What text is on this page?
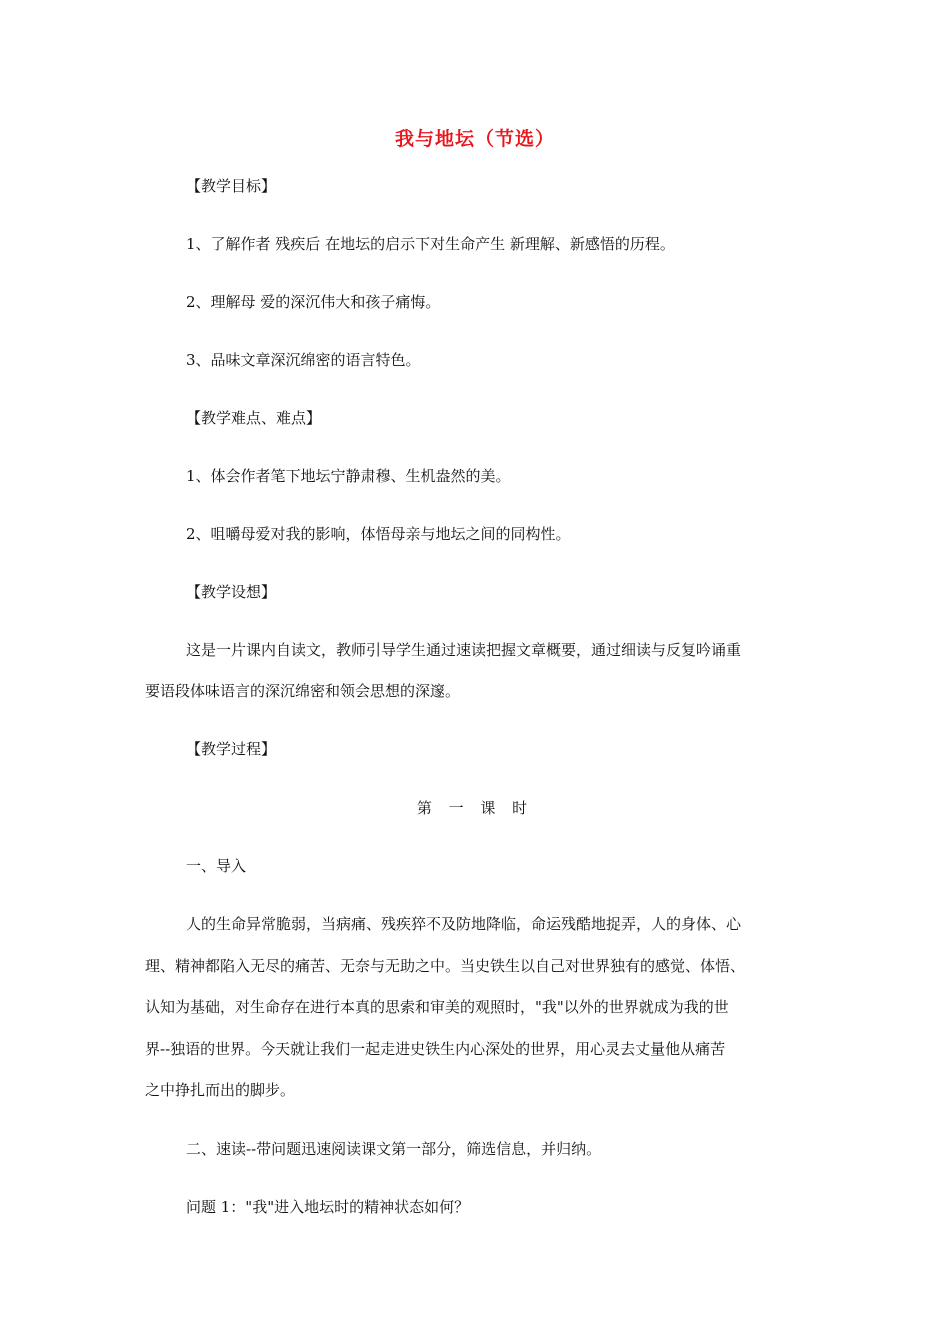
我与地坛（节选）
【教学目标】
1、了解作者 残疾后 在地坛的启示下对生命产生 新理解、新感悟的历程。
2、理解母 爱的深沉伟大和孩子痛悔。
3、品味文章深沉绵密的语言特色。
【教学难点、难点】
1、体会作者笔下地坛宁静肃穆、生机盎然的美。
2、咀嚼母爱对我的影响，体悟母亲与地坛之间的同构性。
【教学设想】
这是一片课内自读文，教师引导学生通过速读把握文章概要，通过细读与反复吟诵重
要语段体味语言的深沉绵密和领会思想的深邃。
【教学过程】
第 一 课 时
一、导入
人的生命异常脆弱，当病痛、残疾猝不及防地降临，命运残酷地捉弄，人的身体、心
理、精神都陷入无尽的痛苦、无奈与无助之中。当史铁生以自己对世界独有的感觉、体悟、
认知为基础，对生命存在进行本真的思索和审美的观照时，"我"以外的世界就成为我的世
界--独语的世界。今天就让我们一起走进史铁生内心深处的世界，用心灵去丈量他从痛苦
之中挣扎而出的脚步。
二、速读--带问题迅速阅读课文第一部分，筛选信息，并归纳。
问题 1："我"进入地坛时的精神状态如何？
